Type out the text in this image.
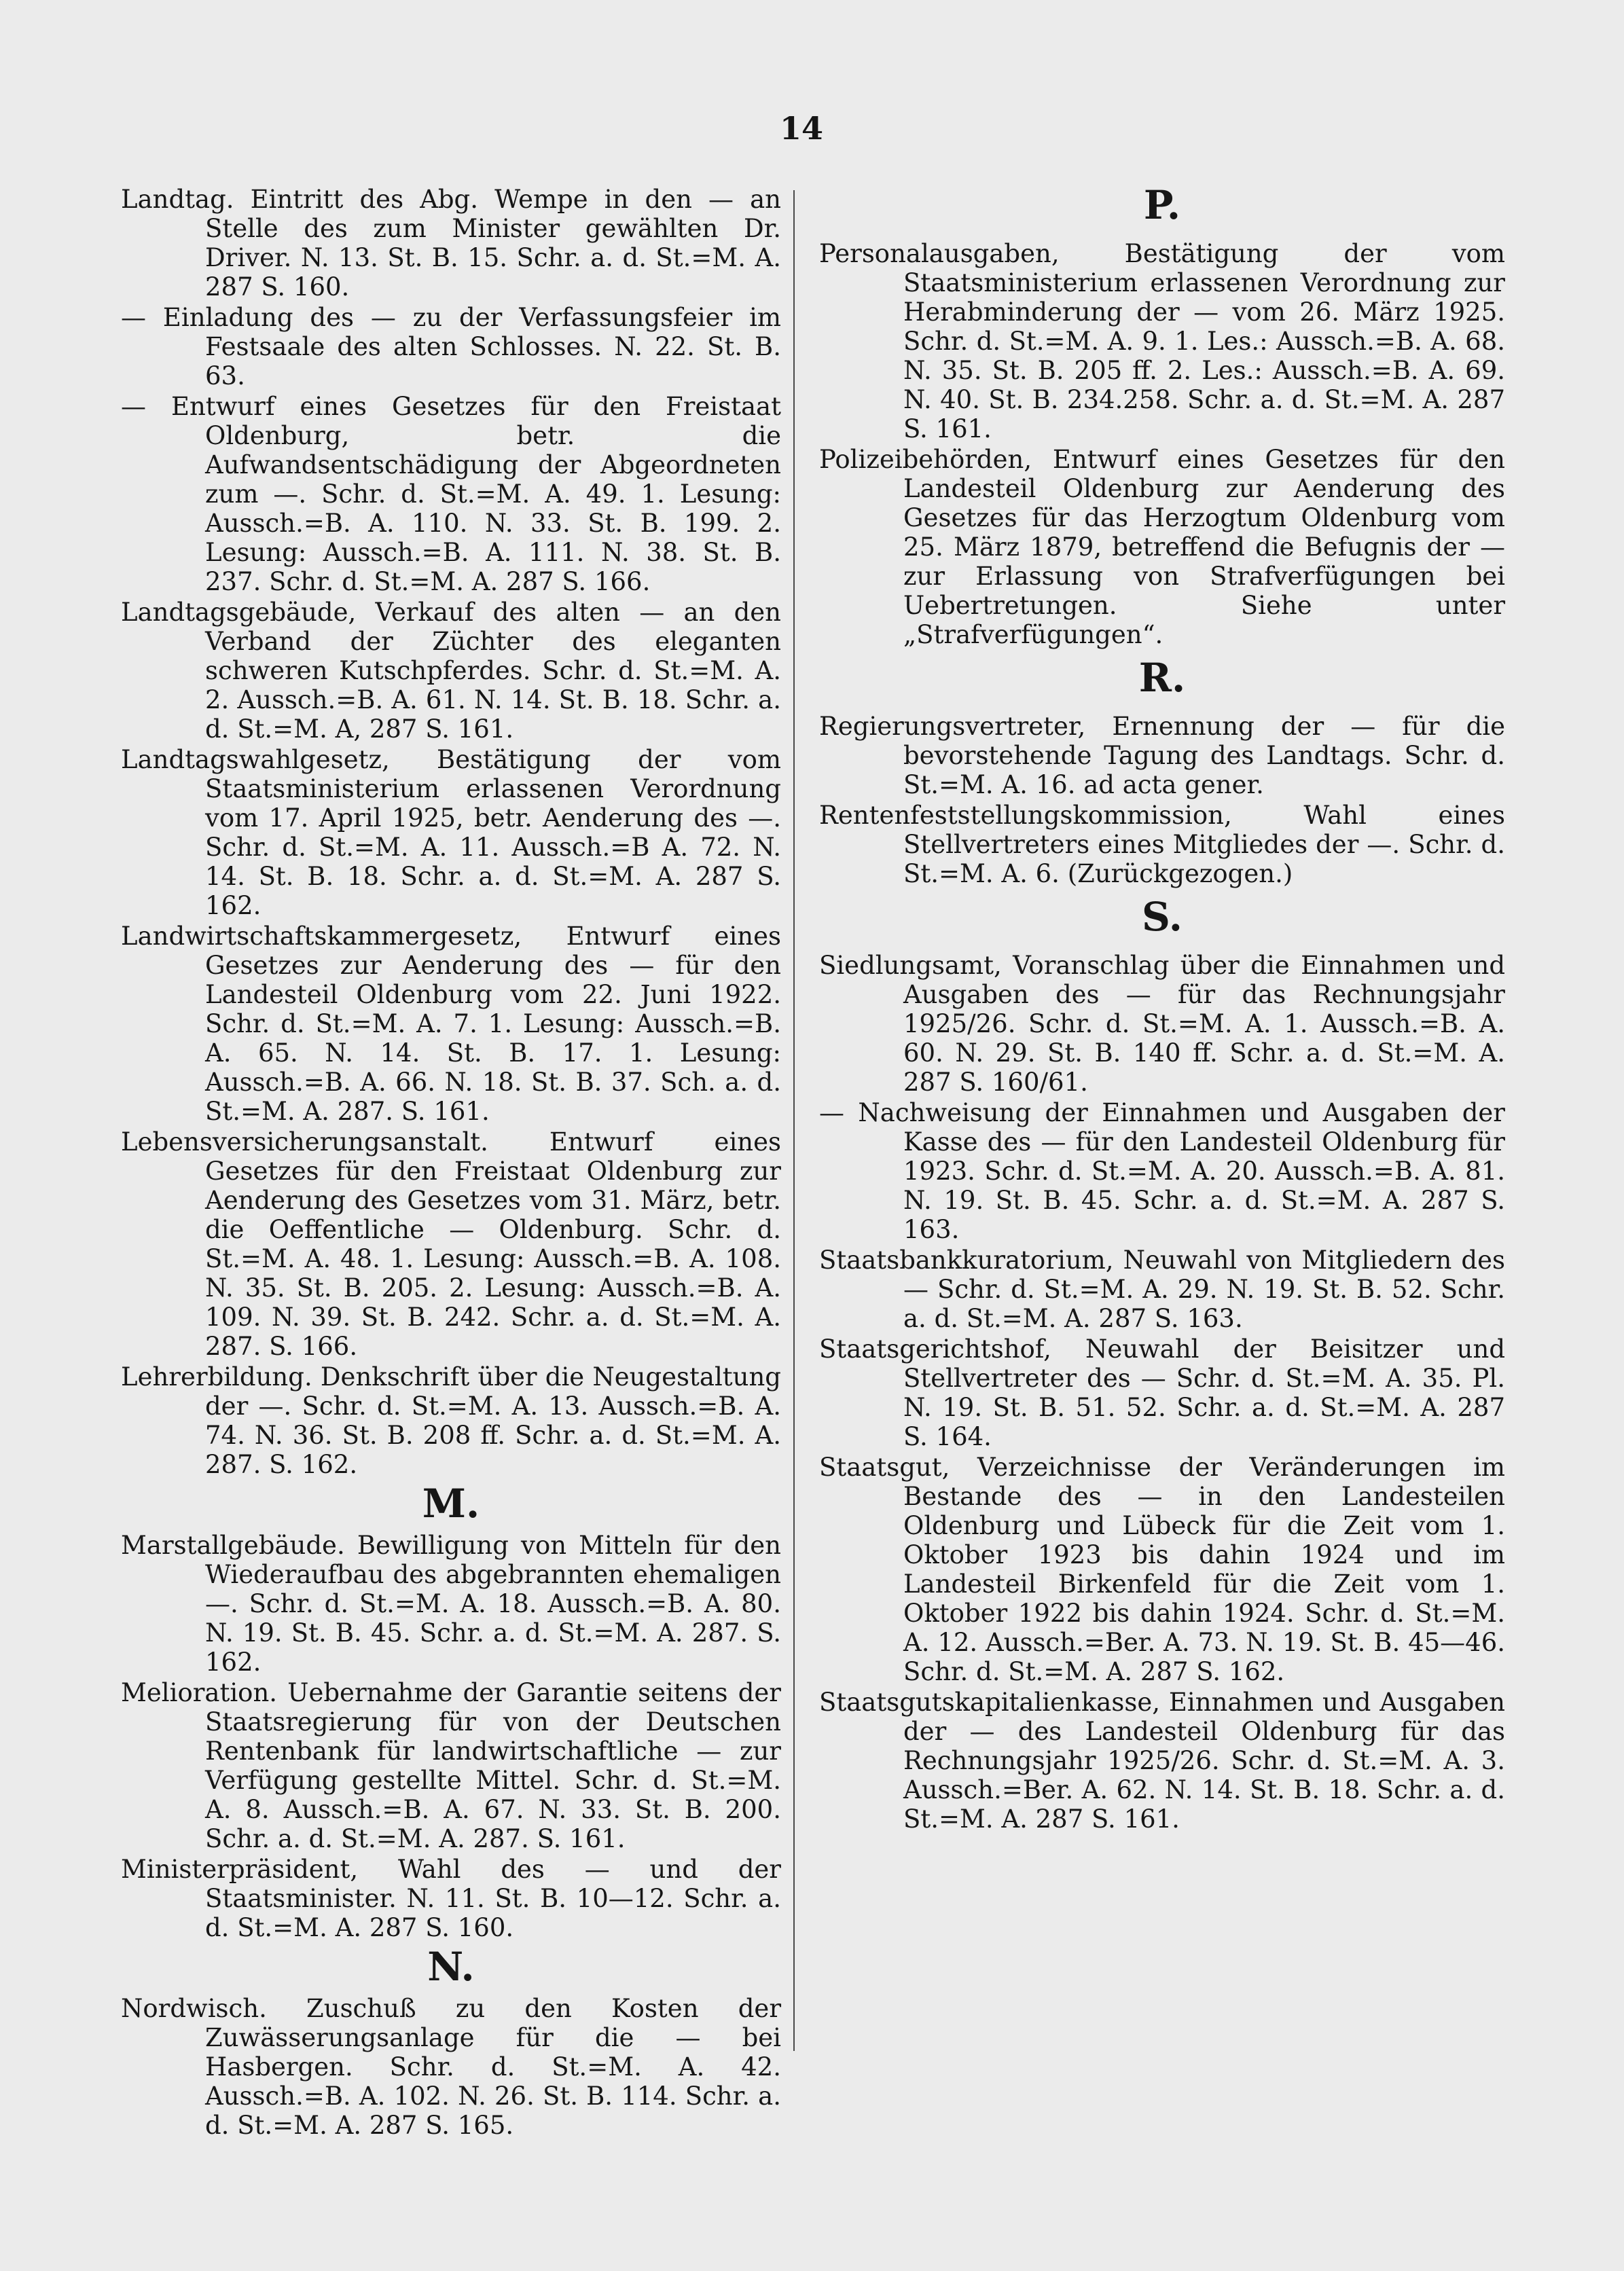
14

Landtag. Eintritt des Abg. Wempe in den — an Stelle des zum Minister gewählten Dr. Driver. N. 13. St. B. 15. Schr. a. d. St.=M. A. 287 S. 160.

— Einladung des — zu der Verfassungsfeier im Festsaale des alten Schlosses. N. 22. St. B. 63.

— Entwurf eines Gesetzes für den Freistaat Oldenburg, betr. die Aufwandsentschädigung der Abgeordneten zum —. Schr. d. St.=M. A. 49. 1. Lesung: Aussch.=B. A. 110. N. 33. St. B. 199. 2. Lesung: Aussch.=B. A. 111. N. 38. St. B. 237. Schr. d. St.=M. A. 287 S. 166.

Landtagsgebäude, Verkauf des alten — an den Verband der Züchter des eleganten schweren Kutschpferdes. Schr. d. St.=M. A. 2. Aussch.=B. A. 61. N. 14. St. B. 18. Schr. a. d. St.=M. A, 287 S. 161.

Landtagswahlgesetz, Bestätigung der vom Staatsministerium erlassenen Verordnung vom 17. April 1925, betr. Aenderung des —. Schr. d. St.=M. A. 11. Aussch.=B A. 72. N. 14. St. B. 18. Schr. a. d. St.=M. A. 287 S. 162.

Landwirtschaftskammergesetz, Entwurf eines Gesetzes zur Aenderung des — für den Landesteil Oldenburg vom 22. Juni 1922. Schr. d. St.=M. A. 7. 1. Lesung: Aussch.=B. A. 65. N. 14. St. B. 17. 1. Lesung: Aussch.=B. A. 66. N. 18. St. B. 37. Sch. a. d. St.=M. A. 287. S. 161.

Lebensversicherungsanstalt. Entwurf eines Gesetzes für den Freistaat Oldenburg zur Aenderung des Gesetzes vom 31. März, betr. die Oeffentliche — Oldenburg. Schr. d. St.=M. A. 48. 1. Lesung: Aussch.=B. A. 108. N. 35. St. B. 205. 2. Lesung: Aussch.=B. A. 109. N. 39. St. B. 242. Schr. a. d. St.=M. A. 287. S. 166.

Lehrerbildung. Denkschrift über die Neugestaltung der —. Schr. d. St.=M. A. 13. Aussch.=B. A. 74. N. 36. St. B. 208 ff. Schr. a. d. St.=M. A. 287. S. 162.

M.

Marstallgebäude. Bewilligung von Mitteln für den Wiederaufbau des abgebrannten ehemaligen —. Schr. d. St.=M. A. 18. Aussch.=B. A. 80. N. 19. St. B. 45. Schr. a. d. St.=M. A. 287. S. 162.

Melioration. Uebernahme der Garantie seitens der Staatsregierung für von der Deutschen Rentenbank für landwirtschaftliche — zur Verfügung gestellte Mittel. Schr. d. St.=M. A. 8. Aussch.=B. A. 67. N. 33. St. B. 200. Schr. a. d. St.=M. A. 287. S. 161.

Ministerpräsident, Wahl des — und der Staatsminister. N. 11. St. B. 10—12. Schr. a. d. St.=M. A. 287 S. 160.

N.

Nordwisch. Zuschuß zu den Kosten der Zuwässerungsanlage für die — bei Hasbergen. Schr. d. St.=M. A. 42. Aussch.=B. A. 102. N. 26. St. B. 114. Schr. a. d. St.=M. A. 287 S. 165.

P.

Personalausgaben, Bestätigung der vom Staatsministerium erlassenen Verordnung zur Herabminderung der — vom 26. März 1925. Schr. d. St.=M. A. 9. 1. Les.: Aussch.=B. A. 68. N. 35. St. B. 205 ff. 2. Les.: Aussch.=B. A. 69. N. 40. St. B. 234.258. Schr. a. d. St.=M. A. 287 S. 161.

Polizeibehörden, Entwurf eines Gesetzes für den Landesteil Oldenburg zur Aenderung des Gesetzes für das Herzogtum Oldenburg vom 25. März 1879, betreffend die Befugnis der — zur Erlassung von Strafverfügungen bei Uebertretungen. Siehe unter „Strafverfügungen“.

R.

Regierungsvertreter, Ernennung der — für die bevorstehende Tagung des Landtags. Schr. d. St.=M. A. 16. ad acta gener.

Rentenfeststellungskommission, Wahl eines Stellvertreters eines Mitgliedes der —. Schr. d. St.=M. A. 6. (Zurückgezogen.)

S.

Siedlungsamt, Voranschlag über die Einnahmen und Ausgaben des — für das Rechnungsjahr 1925/26. Schr. d. St.=M. A. 1. Aussch.=B. A. 60. N. 29. St. B. 140 ff. Schr. a. d. St.=M. A. 287 S. 160/61.

— Nachweisung der Einnahmen und Ausgaben der Kasse des — für den Landesteil Oldenburg für 1923. Schr. d. St.=M. A. 20. Aussch.=B. A. 81. N. 19. St. B. 45. Schr. a. d. St.=M. A. 287 S. 163.

Staatsbankkuratorium, Neuwahl von Mitgliedern des — Schr. d. St.=M. A. 29. N. 19. St. B. 52. Schr. a. d. St.=M. A. 287 S. 163.

Staatsgerichtshof, Neuwahl der Beisitzer und Stellvertreter des — Schr. d. St.=M. A. 35. Pl. N. 19. St. B. 51. 52. Schr. a. d. St.=M. A. 287 S. 164.

Staatsgut, Verzeichnisse der Veränderungen im Bestande des — in den Landesteilen Oldenburg und Lübeck für die Zeit vom 1. Oktober 1923 bis dahin 1924 und im Landesteil Birkenfeld für die Zeit vom 1. Oktober 1922 bis dahin 1924. Schr. d. St.=M. A. 12. Aussch.=Ber. A. 73. N. 19. St. B. 45—46. Schr. d. St.=M. A. 287 S. 162.

Staatsgutskapitalienkasse, Einnahmen und Ausgaben der — des Landesteil Oldenburg für das Rechnungsjahr 1925/26. Schr. d. St.=M. A. 3. Aussch.=Ber. A. 62. N. 14. St. B. 18. Schr. a. d. St.=M. A. 287 S. 161.
